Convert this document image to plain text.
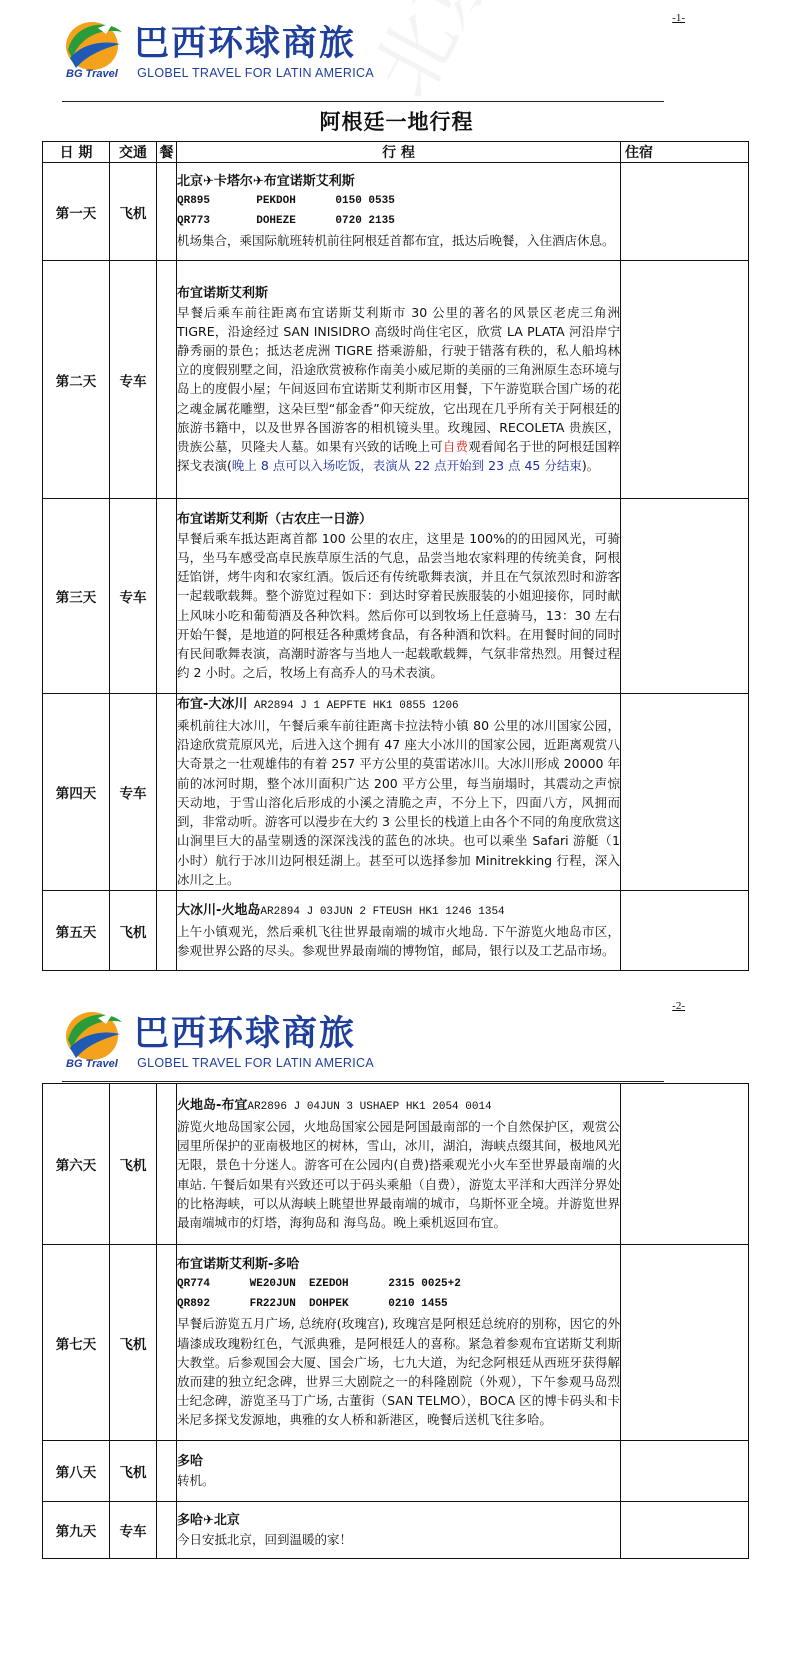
-1-
巴西环球商旅
BG Travel GLOBEL TRAVEL FOR LATIN AMERICA
阿根廷一地行程
日 期	交通	餐	行 程	住宿
第一天	飞机		北京✈卡塔尔✈布宜诺斯艾利斯
QR895       PEKDOH      0150 0535
QR773       DOHEZE      0720 2135
机场集合，乘国际航班转机前往阿根廷首都布宜，抵达后晚餐，入住酒店休息。	

第二天	专车		布宜诺斯艾利斯
早餐后乘车前往距离布宜诺斯艾利斯市 30 公里的著名的风景区老虎三角洲 TIGRE，沿途经过 SAN INISIDRO 高级时尚住宅区，欣赏 LA PLATA 河沿岸宁静秀丽的景色；抵达老虎洲 TIGRE 搭乘游船，行驶于错落有秩的，私人船坞林立的度假别墅之间，沿途欣赏被称作南美小威尼斯的美丽的三角洲原生态环境与岛上的度假小屋；午间返回布宜诺斯艾利斯市区用餐，下午游览联合国广场的花之魂金属花雕塑，这朵巨型“郁金香”仰天绽放，它出现在几乎所有关于阿根廷的旅游书籍中，以及世界各国游客的相机镜头里。玫瑰园、RECOLETA 贵族区，贵族公墓，贝隆夫人墓。如果有兴致的话晚上可自费观看闻名于世的阿根廷国粹探戈表演(晚上 8 点可以入场吃饭，表演从 22 点开始到 23 点 45 分结束)。	

第三天	专车		布宜诺斯艾利斯（古农庄一日游）
早餐后乘车抵达距离首都 100 公里的农庄，这里是 100%的的田园风光，可骑马，坐马车感受高卓民族草原生活的气息，品尝当地农家料理的传统美食，阿根廷馅饼，烤牛肉和农家红酒。饭后还有传统歌舞表演，并且在气氛浓烈时和游客一起载歌载舞。整个游览过程如下：到达时穿着民族服装的小姐迎接你，同时献上风味小吃和葡萄酒及各种饮料。然后你可以到牧场上任意骑马，13：30 左右开始午餐，是地道的阿根廷各种熏烤食品，有各种酒和饮料。在用餐时间的同时有民间歌舞表演，高潮时游客与当地人一起载歌载舞，气氛非常热烈。用餐过程约 2 小时。之后，牧场上有高乔人的马术表演。	

第四天	专车		布宜-大冰川 AR2894 J 1 AEPFTE HK1 0855 1206
乘机前往大冰川，午餐后乘车前往距离卡拉法特小镇 80 公里的冰川国家公园，沿途欣赏荒原风光，后进入这个拥有 47 座大小冰川的国家公园，近距离观赏八大奇景之一壮观雄伟的有着 257 平方公里的莫雷诺冰川。大冰川形成 20000 年前的冰河时期，整个冰川面积广达 200 平方公里，每当崩塌时，其震动之声惊天动地，于雪山溶化后形成的小溪之清脆之声，不分上下，四面八方，风拥而到，非常动听。游客可以漫步在大约 3 公里长的栈道上由各个不同的角度欣赏这山涧里巨大的晶莹剔透的深深浅浅的蓝色的冰块。也可以乘坐 Safari 游艇（1 小时）航行于冰川边阿根廷湖上。甚至可以选择参加 Minitrekking 行程，深入冰川之上。	

第五天	飞机		大冰川-火地岛AR2894 J 03JUN 2 FTEUSH HK1 1246 1354
上午小镇观光，然后乘机飞往世界最南端的城市火地岛. 下午游览火地岛市区，参观世界公路的尽头。参观世界最南端的博物馆，邮局，银行以及工艺品市场。	

-2-
巴西环球商旅
BG Travel GLOBEL TRAVEL FOR LATIN AMERICA
第六天	飞机		火地岛-布宜AR2896 J 04JUN 3 USHAEP HK1 2054 0014
游览火地岛国家公园，火地岛国家公园是阿国最南部的一个自然保护区，观赏公园里所保护的亚南极地区的树林，雪山，冰川，湖泊，海峡点缀其间，极地风光无限，景色十分迷人。游客可在公园内(自费)搭乘观光小火车至世界最南端的火車站. 午餐后如果有兴致还可以于码头乘船（自费），游览太平洋和大西洋分界处的比格海峡，可以从海峡上眺望世界最南端的城市，乌斯怀亚全境。并游览世界最南端城市的灯塔，海狗岛和 海鸟岛。晚上乘机返回布宜。	

第七天	飞机		布宜诺斯艾利斯-多哈
QR774      WE20JUN  EZEDOH      2315 0025+2
QR892      FR22JUN  DOHPEK      0210 1455
早餐后游览五月广场, 总统府(玫瑰宫), 玫瑰宫是阿根廷总统府的别称，因它的外墙漆成玫瑰粉红色，气派典雅，是阿根廷人的喜称。紧急着参观布宜诺斯艾利斯大教堂。后参观国会大厦、国会广场，七九大道，为纪念阿根廷从西班牙获得解放而建的独立纪念碑，世界三大剧院之一的科隆剧院（外观），下午参观马岛烈士纪念碑，游览圣马丁广场, 古董街（SAN TELMO），BOCA 区的博卡码头和卡米尼多探戈发源地，典雅的女人桥和新港区，晚餐后送机飞往多哈。	

第八天	飞机		多哈
转机。	

第九天	专车		多哈✈北京
今日安抵北京，回到温暖的家！	
